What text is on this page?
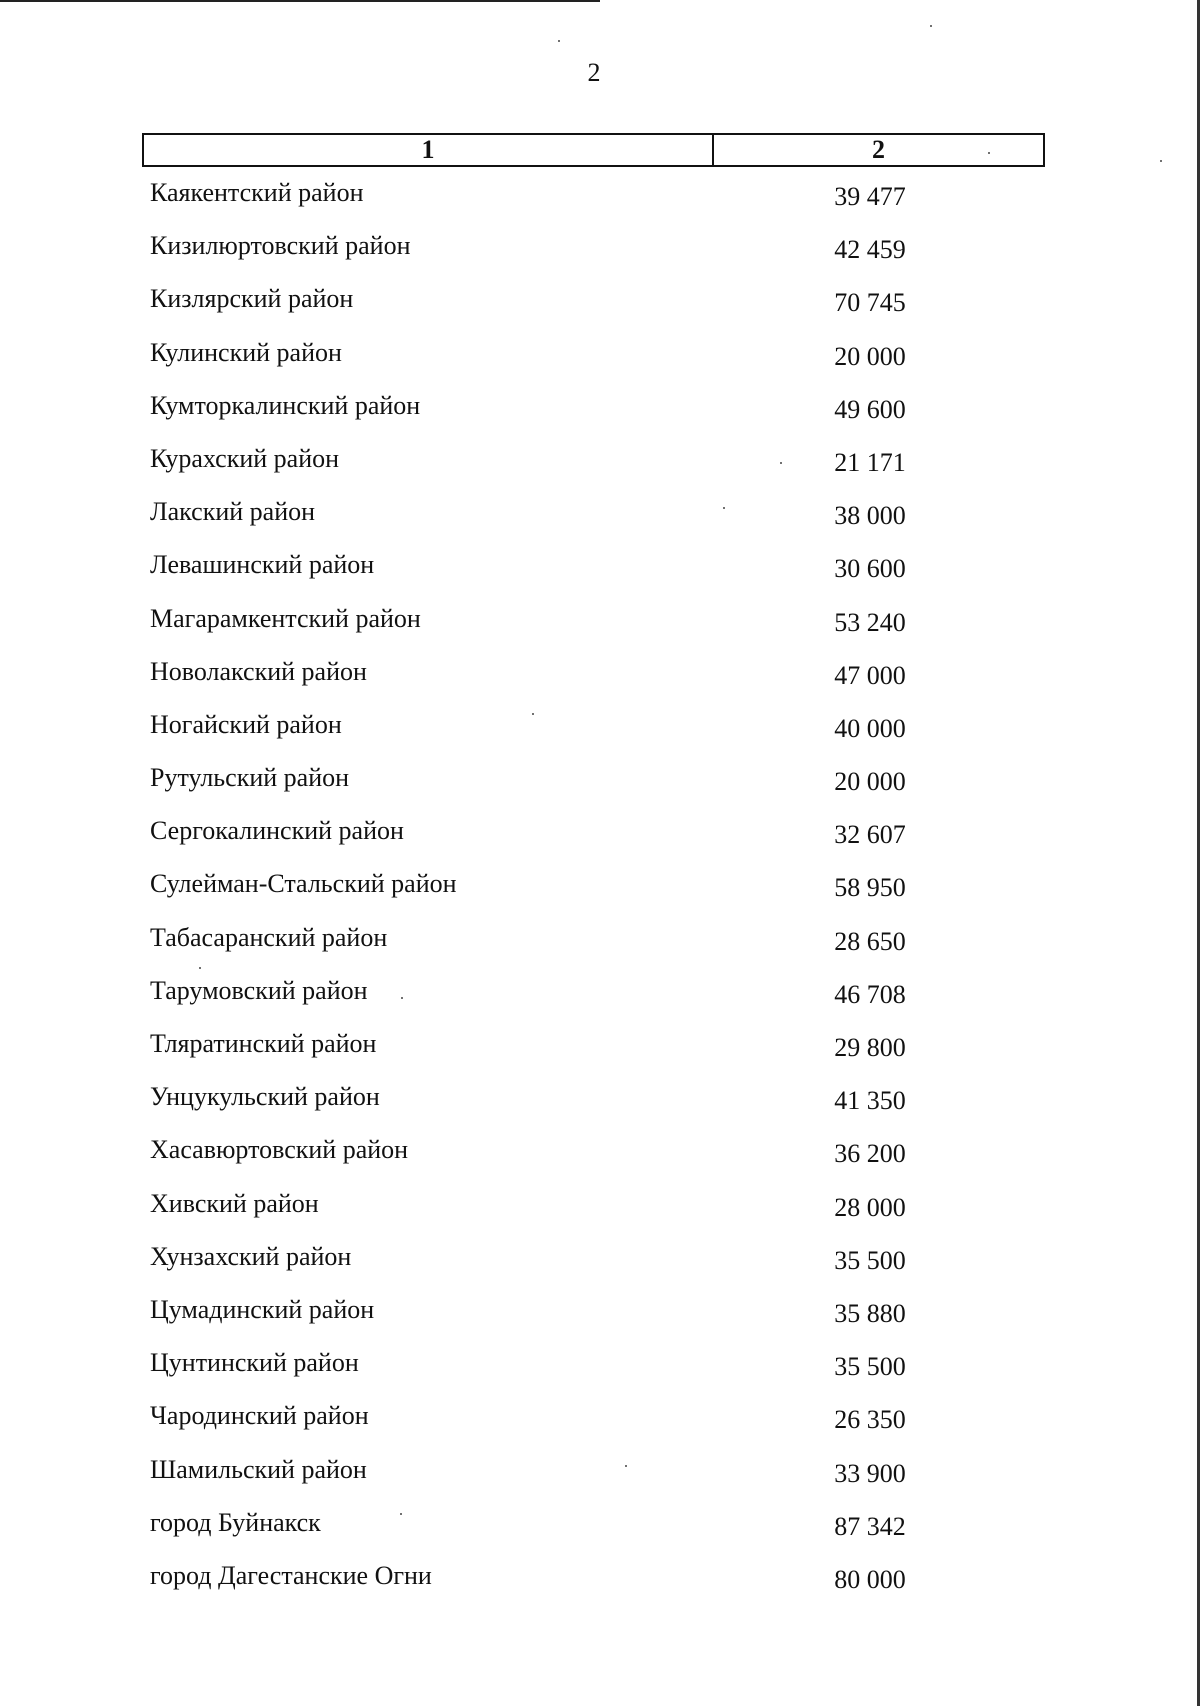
2
1	2
Каякентский район	39 477
Кизилюртовский район	42 459
Кизлярский район	70 745
Кулинский район	20 000
Кумторкалинский район	49 600
Курахский район	21 171
Лакский район	38 000
Левашинский район	30 600
Магарамкентский район	53 240
Новолакский район	47 000
Ногайский район	40 000
Рутульский район	20 000
Сергокалинский район	32 607
Сулейман-Стальский район	58 950
Табасаранский район	28 650
Тарумовский район	46 708
Тляратинский район	29 800
Унцукульский район	41 350
Хасавюртовский район	36 200
Хивский район	28 000
Хунзахский район	35 500
Цумадинский район	35 880
Цунтинский район	35 500
Чародинский район	26 350
Шамильский район	33 900
город Буйнакск	87 342
город Дагестанские Огни	80 000
